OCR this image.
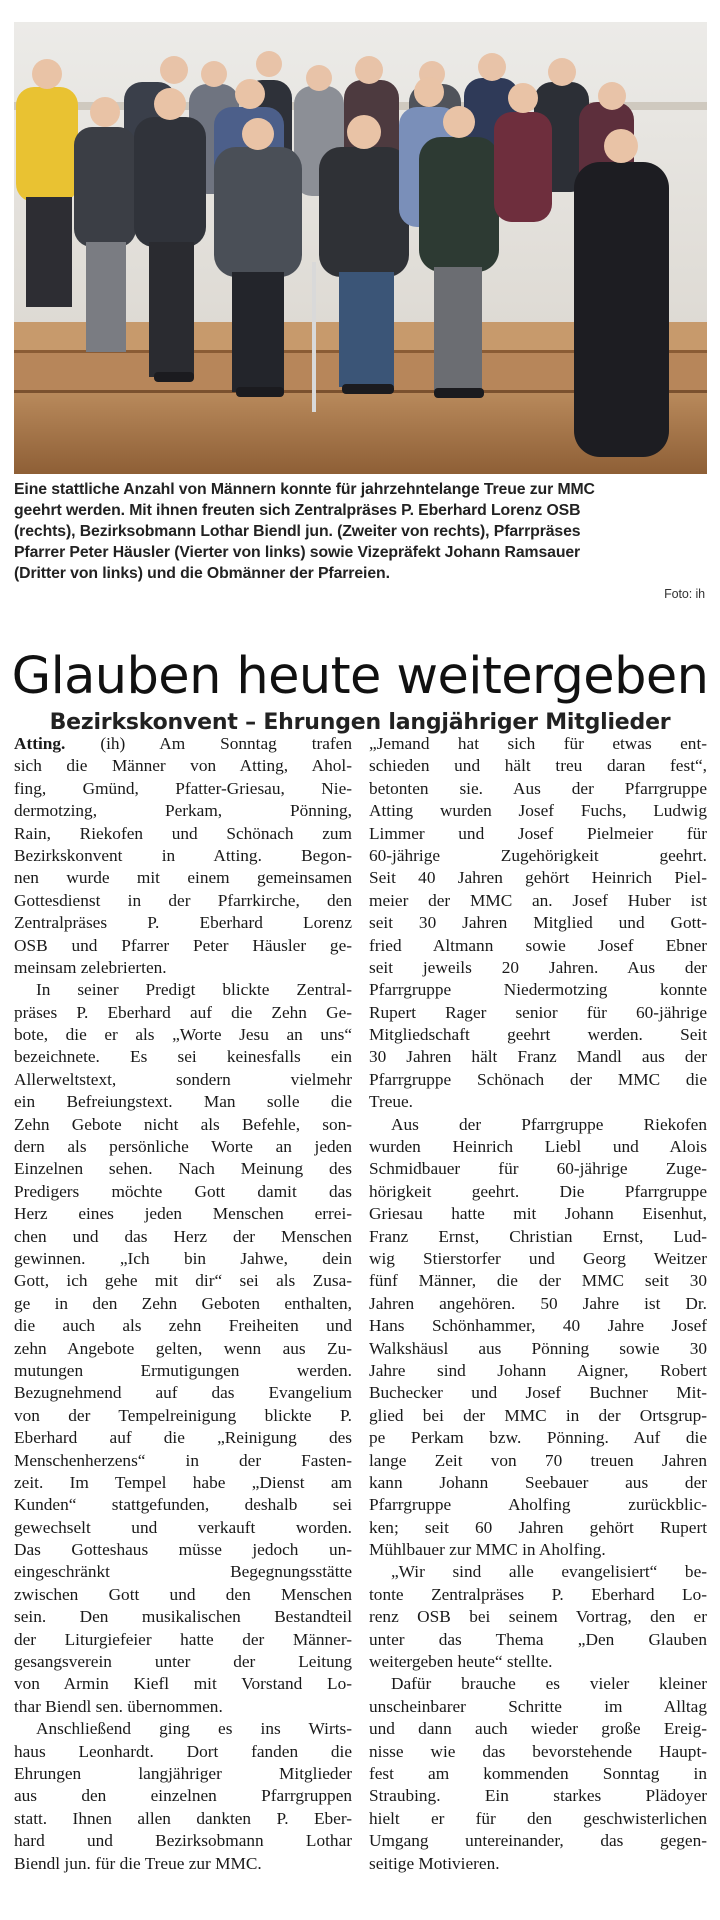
Eine stattliche Anzahl von Männern konnte für jahrzehntelange Treue zur MMC
geehrt werden. Mit ihnen freuten sich Zentralpräses P. Eberhard Lorenz OSB
(rechts), Bezirksobmann Lothar Biendl jun. (Zweiter von rechts), Pfarrpräses
Pfarrer Peter Häusler (Vierter von links) sowie Vizepräfekt Johann Ramsauer
(Dritter von links) und die Obmänner der Pfarreien.
Foto: ih
Glauben heute weitergeben
Bezirkskonvent – Ehrungen langjähriger Mitglieder
Atting. (ih) Am Sonntag trafen
sich die Männer von Atting, Ahol-
fing, Gmünd, Pfatter-Griesau, Nie-
dermotzing, Perkam, Pönning,
Rain, Riekofen und Schönach zum
Bezirkskonvent in Atting. Begon-
nen wurde mit einem gemeinsamen
Gottesdienst in der Pfarrkirche, den
Zentralpräses P. Eberhard Lorenz
OSB und Pfarrer Peter Häusler ge-
meinsam zelebrierten.
In seiner Predigt blickte Zentral-
präses P. Eberhard auf die Zehn Ge-
bote, die er als „Worte Jesu an uns“
bezeichnete. Es sei keinesfalls ein
Allerweltstext, sondern vielmehr
ein Befreiungstext. Man solle die
Zehn Gebote nicht als Befehle, son-
dern als persönliche Worte an jeden
Einzelnen sehen. Nach Meinung des
Predigers möchte Gott damit das
Herz eines jeden Menschen errei-
chen und das Herz der Menschen
gewinnen. „Ich bin Jahwe, dein
Gott, ich gehe mit dir“ sei als Zusa-
ge in den Zehn Geboten enthalten,
die auch als zehn Freiheiten und
zehn Angebote gelten, wenn aus Zu-
mutungen Ermutigungen werden.
Bezugnehmend auf das Evangelium
von der Tempelreinigung blickte P.
Eberhard auf die „Reinigung des
Menschenherzens“ in der Fasten-
zeit. Im Tempel habe „Dienst am
Kunden“ stattgefunden, deshalb sei
gewechselt und verkauft worden.
Das Gotteshaus müsse jedoch un-
eingeschränkt Begegnungsstätte
zwischen Gott und den Menschen
sein. Den musikalischen Bestandteil
der Liturgiefeier hatte der Männer-
gesangsverein unter der Leitung
von Armin Kiefl mit Vorstand Lo-
thar Biendl sen. übernommen.
Anschließend ging es ins Wirts-
haus Leonhardt. Dort fanden die
Ehrungen langjähriger Mitglieder
aus den einzelnen Pfarrgruppen
statt. Ihnen allen dankten P. Eber-
hard und Bezirksobmann Lothar
Biendl jun. für die Treue zur MMC.
„Jemand hat sich für etwas ent-
schieden und hält treu daran fest“,
betonten sie. Aus der Pfarrgruppe
Atting wurden Josef Fuchs, Ludwig
Limmer und Josef Pielmeier für
60-jährige Zugehörigkeit geehrt.
Seit 40 Jahren gehört Heinrich Piel-
meier der MMC an. Josef Huber ist
seit 30 Jahren Mitglied und Gott-
fried Altmann sowie Josef Ebner
seit jeweils 20 Jahren. Aus der
Pfarrgruppe Niedermotzing konnte
Rupert Rager senior für 60-jährige
Mitgliedschaft geehrt werden. Seit
30 Jahren hält Franz Mandl aus der
Pfarrgruppe Schönach der MMC die
Treue.
Aus der Pfarrgruppe Riekofen
wurden Heinrich Liebl und Alois
Schmidbauer für 60-jährige Zuge-
hörigkeit geehrt. Die Pfarrgruppe
Griesau hatte mit Johann Eisenhut,
Franz Ernst, Christian Ernst, Lud-
wig Stierstorfer und Georg Weitzer
fünf Männer, die der MMC seit 30
Jahren angehören. 50 Jahre ist Dr.
Hans Schönhammer, 40 Jahre Josef
Walkshäusl aus Pönning sowie 30
Jahre sind Johann Aigner, Robert
Buchecker und Josef Buchner Mit-
glied bei der MMC in der Ortsgrup-
pe Perkam bzw. Pönning. Auf die
lange Zeit von 70 treuen Jahren
kann Johann Seebauer aus der
Pfarrgruppe Aholfing zurückblic-
ken; seit 60 Jahren gehört Rupert
Mühlbauer zur MMC in Aholfing.
„Wir sind alle evangelisiert“ be-
tonte Zentralpräses P. Eberhard Lo-
renz OSB bei seinem Vortrag, den er
unter das Thema „Den Glauben
weitergeben heute“ stellte.
Dafür brauche es vieler kleiner
unscheinbarer Schritte im Alltag
und dann auch wieder große Ereig-
nisse wie das bevorstehende Haupt-
fest am kommenden Sonntag in
Straubing. Ein starkes Plädoyer
hielt er für den geschwisterlichen
Umgang untereinander, das gegen-
seitige Motivieren.
